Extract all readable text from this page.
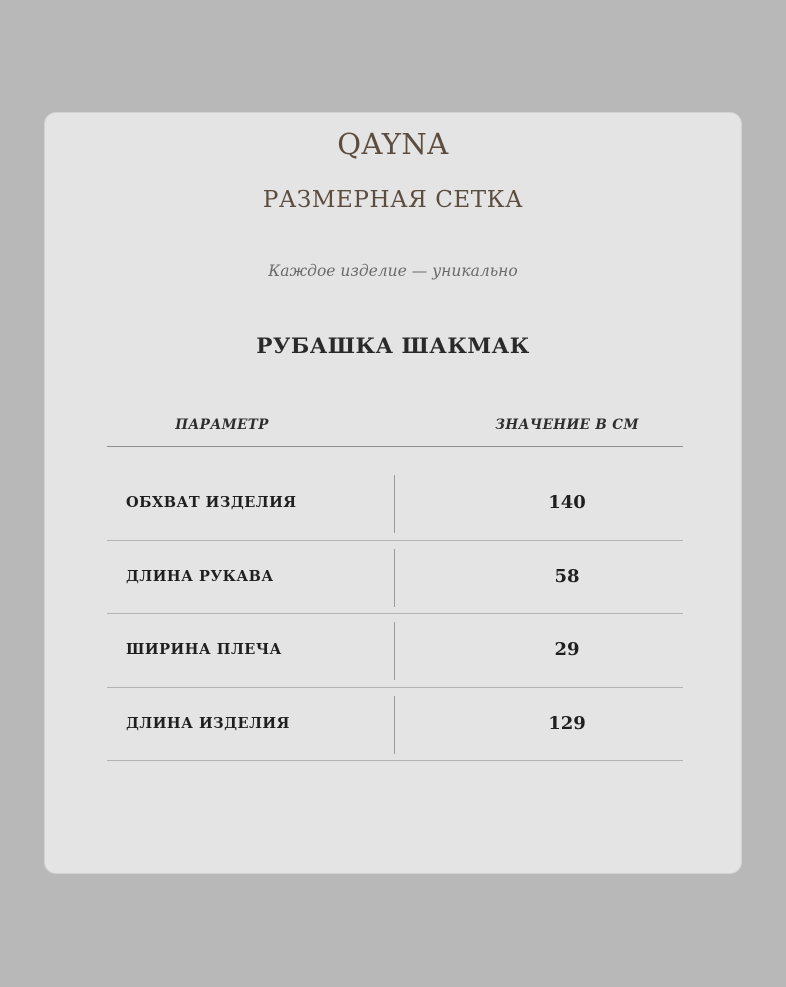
QAYNA
РАЗМЕРНАЯ СЕТКА
Каждое изделие — уникально
РУБАШКА ШАКМАК
ПАРАМЕТР	ЗНАЧЕНИЕ В СМ
ОБХВАТ ИЗДЕЛИЯ	140
ДЛИНА РУКАВА	58
ШИРИНА ПЛЕЧА	29
ДЛИНА ИЗДЕЛИЯ	129
